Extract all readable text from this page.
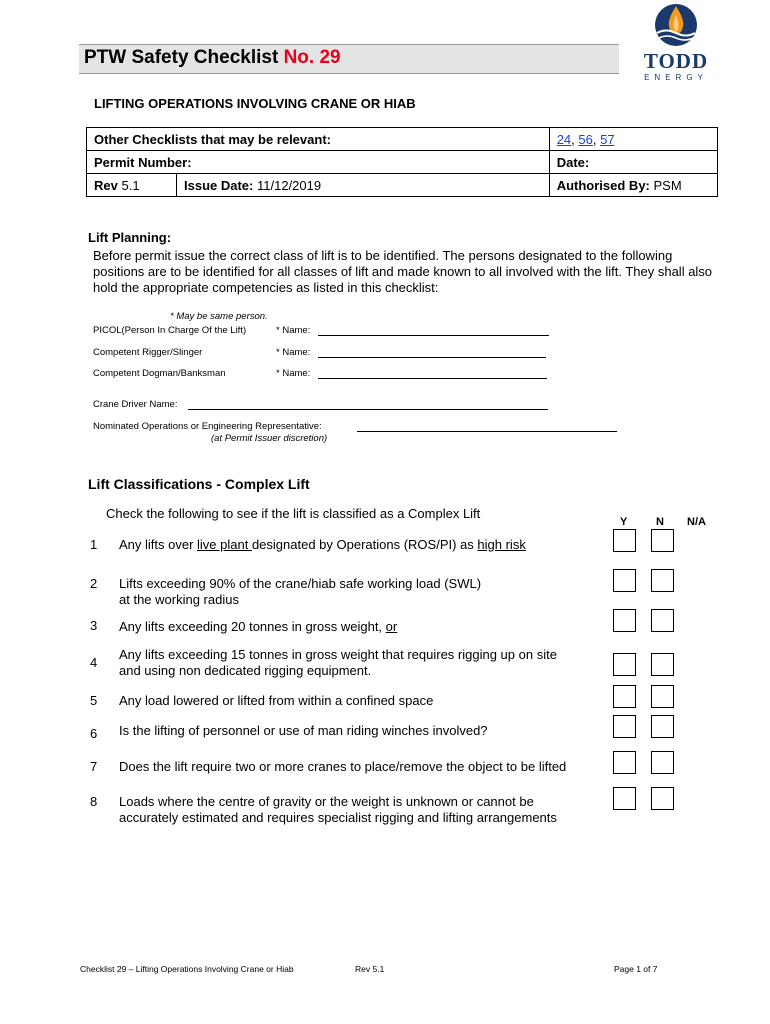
PTW Safety Checklist No. 29	TODD
ENERGY
LIFTING OPERATIONS INVOLVING CRANE OR HIAB
Other Checklists that may be relevant:		24, 56, 57
Permit Number:		Date:
Rev 5.1	Issue Date: 11/12/2019	Authorised By: PSM
Lift Planning:
Before permit issue the correct class of lift is to be identified. The persons designated to the following positions are to be identified for all classes of lift and made known to all involved with the lift. They shall also hold the appropriate competencies as listed in this checklist:
* May be same person.
PICOL(Person In Charge Of the Lift)	* Name:
Competent Rigger/Slinger	* Name:
Competent Dogman/Banksman	* Name:
Crane Driver Name:
Nominated Operations or Engineering Representative:
(at Permit Issuer discretion)
Lift Classifications - Complex Lift
Check the following to see if the lift is classified as a Complex Lift
Y	N N/A
1 Any lifts over live plant designated by Operations (ROS/PI) as high risk
2 Lifts exceeding 90% of the crane/hiab safe working load (SWL)
at the working radius
3 Any lifts exceeding 20 tonnes in gross weight, or
4
Any lifts exceeding 15 tonnes in gross weight that requires rigging up on site
and using non dedicated rigging equipment.
5 Any load lowered or lifted from within a confined space
6 Is the lifting of personnel or use of man riding winches involved?
7 Does the lift require two or more cranes to place/remove the object to be lifted
8 Loads where the centre of gravity or the weight is unknown or cannot be
accurately estimated and requires specialist rigging and lifting arrangements
Checklist 29 – Lifting Operations Involving Crane or Hiab	Rev 5.1	Page 1 of 7
